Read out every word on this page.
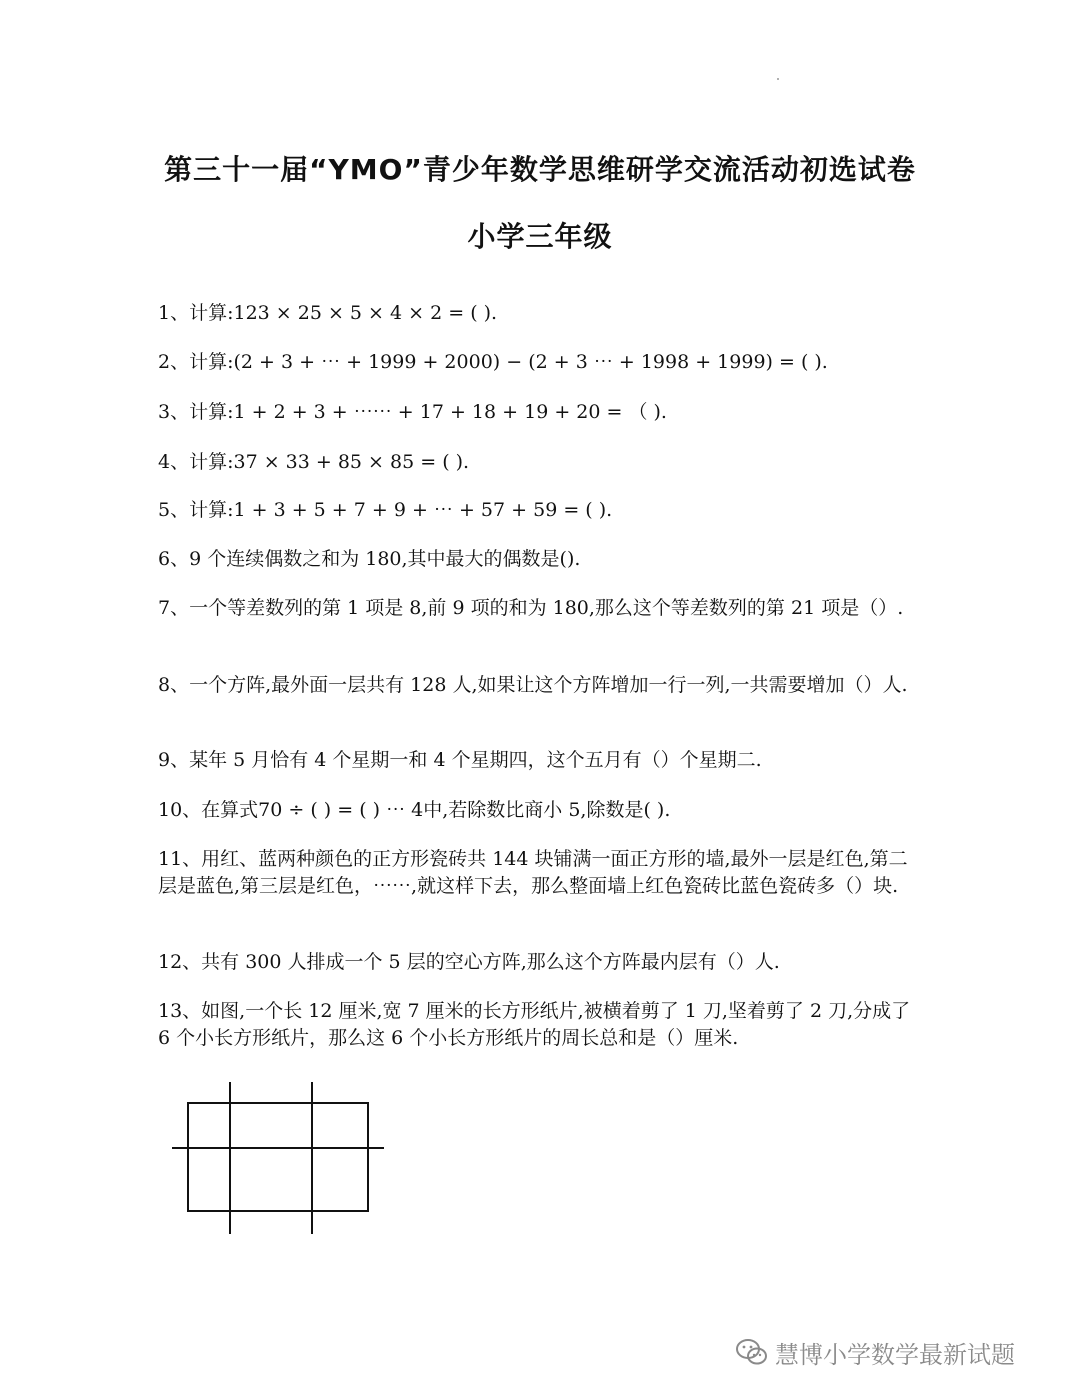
第三十一届“YMO”青少年数学思维研学交流活动初选试卷
小学三年级
1、计算:123 × 25 × 5 × 4 × 2 = ( ).
2、计算:(2 + 3 + ⋯ + 1999 + 2000) − (2 + 3 ⋯ + 1998 + 1999) = ( ).
3、计算:1 + 2 + 3 + ⋯⋯ + 17 + 18 + 19 + 20 = （ ).
4、计算:37 × 33 + 85 × 85 = ( ).
5、计算:1 + 3 + 5 + 7 + 9 + ⋯ + 57 + 59 = ( ).
6、9 个连续偶数之和为 180,其中最大的偶数是().
7、一个等差数列的第 1 项是 8,前 9 项的和为 180,那么这个等差数列的第 21 项是（）.
8、一个方阵,最外面一层共有 128 人,如果让这个方阵增加一行一列,一共需要增加（）人.
9、某年 5 月恰有 4 个星期一和 4 个星期四，这个五月有（）个星期二.
10、在算式70 ÷ ( ) = ( ) ⋯ 4中,若除数比商小 5,除数是( ).
11、用红、蓝两种颜色的正方形瓷砖共 144 块铺满一面正方形的墙,最外一层是红色,第二层是蓝色,第三层是红色，⋯⋯,就这样下去，那么整面墙上红色瓷砖比蓝色瓷砖多（）块.
12、共有 300 人排成一个 5 层的空心方阵,那么这个方阵最内层有（）人.
13、如图,一个长 12 厘米,宽 7 厘米的长方形纸片,被横着剪了 1 刀,坚着剪了 2 刀,分成了 6 个小长方形纸片，那么这 6 个小长方形纸片的周长总和是（）厘米.
慧博小学数学最新试题
